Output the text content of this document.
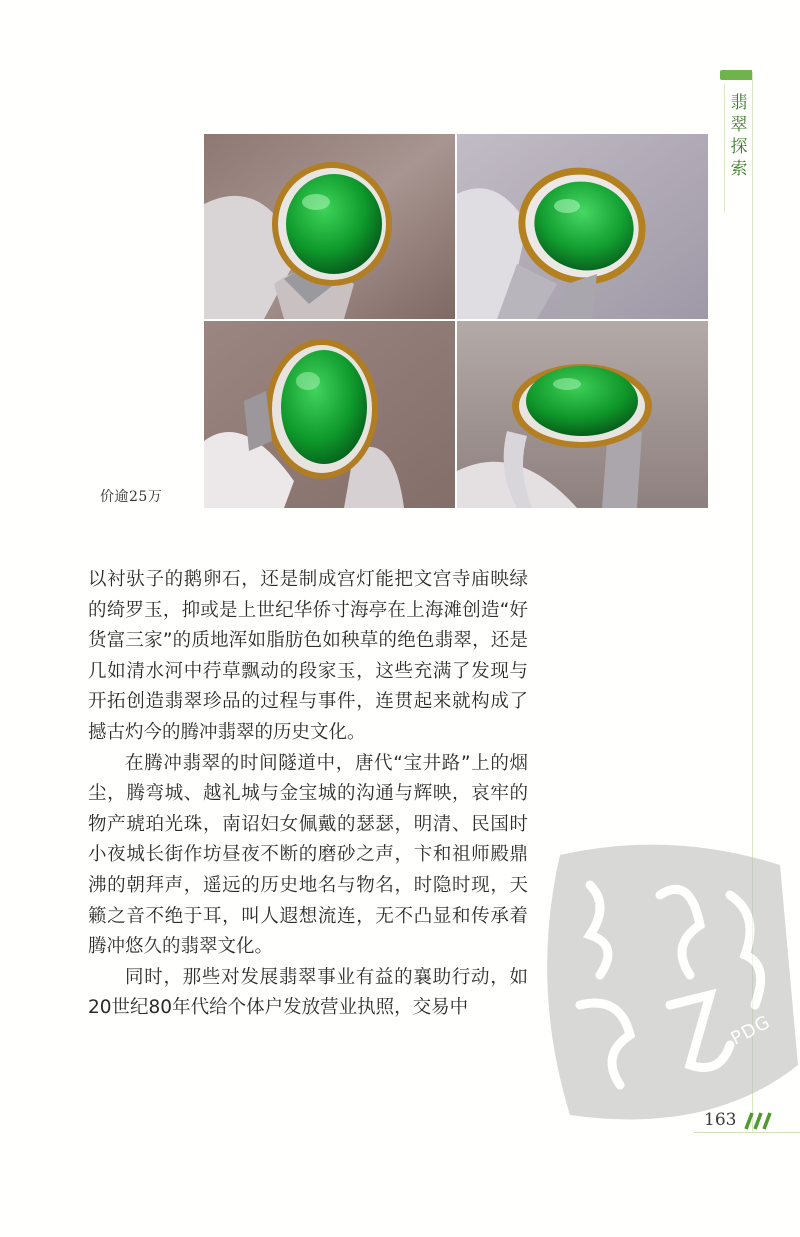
翡翠探索
价逾25万

以衬驮子的鹅卵石，还是制成宫灯能把文宫寺庙映绿的绮罗玉，抑或是上世纪华侨寸海亭在上海滩创造“好货富三家”的质地浑如脂肪色如秧草的绝色翡翠，还是几如清水河中荇草飘动的段家玉，这些充满了发现与开拓创造翡翠珍品的过程与事件，连贯起来就构成了撼古灼今的腾冲翡翠的历史文化。

在腾冲翡翠的时间隧道中，唐代“宝井路”上的烟尘，腾弯城、越礼城与金宝城的沟通与辉映，哀牢的物产琥珀光珠，南诏妇女佩戴的瑟瑟，明清、民国时小夜城长街作坊昼夜不断的磨砂之声，卞和祖师殿鼎沸的朝拜声，遥远的历史地名与物名，时隐时现，天籁之音不绝于耳，叫人遐想流连，无不凸显和传承着腾冲悠久的翡翠文化。

同时，那些对发展翡翠事业有益的襄助行动，如20世纪80年代给个体户发放营业执照，交易中

PDG
163
